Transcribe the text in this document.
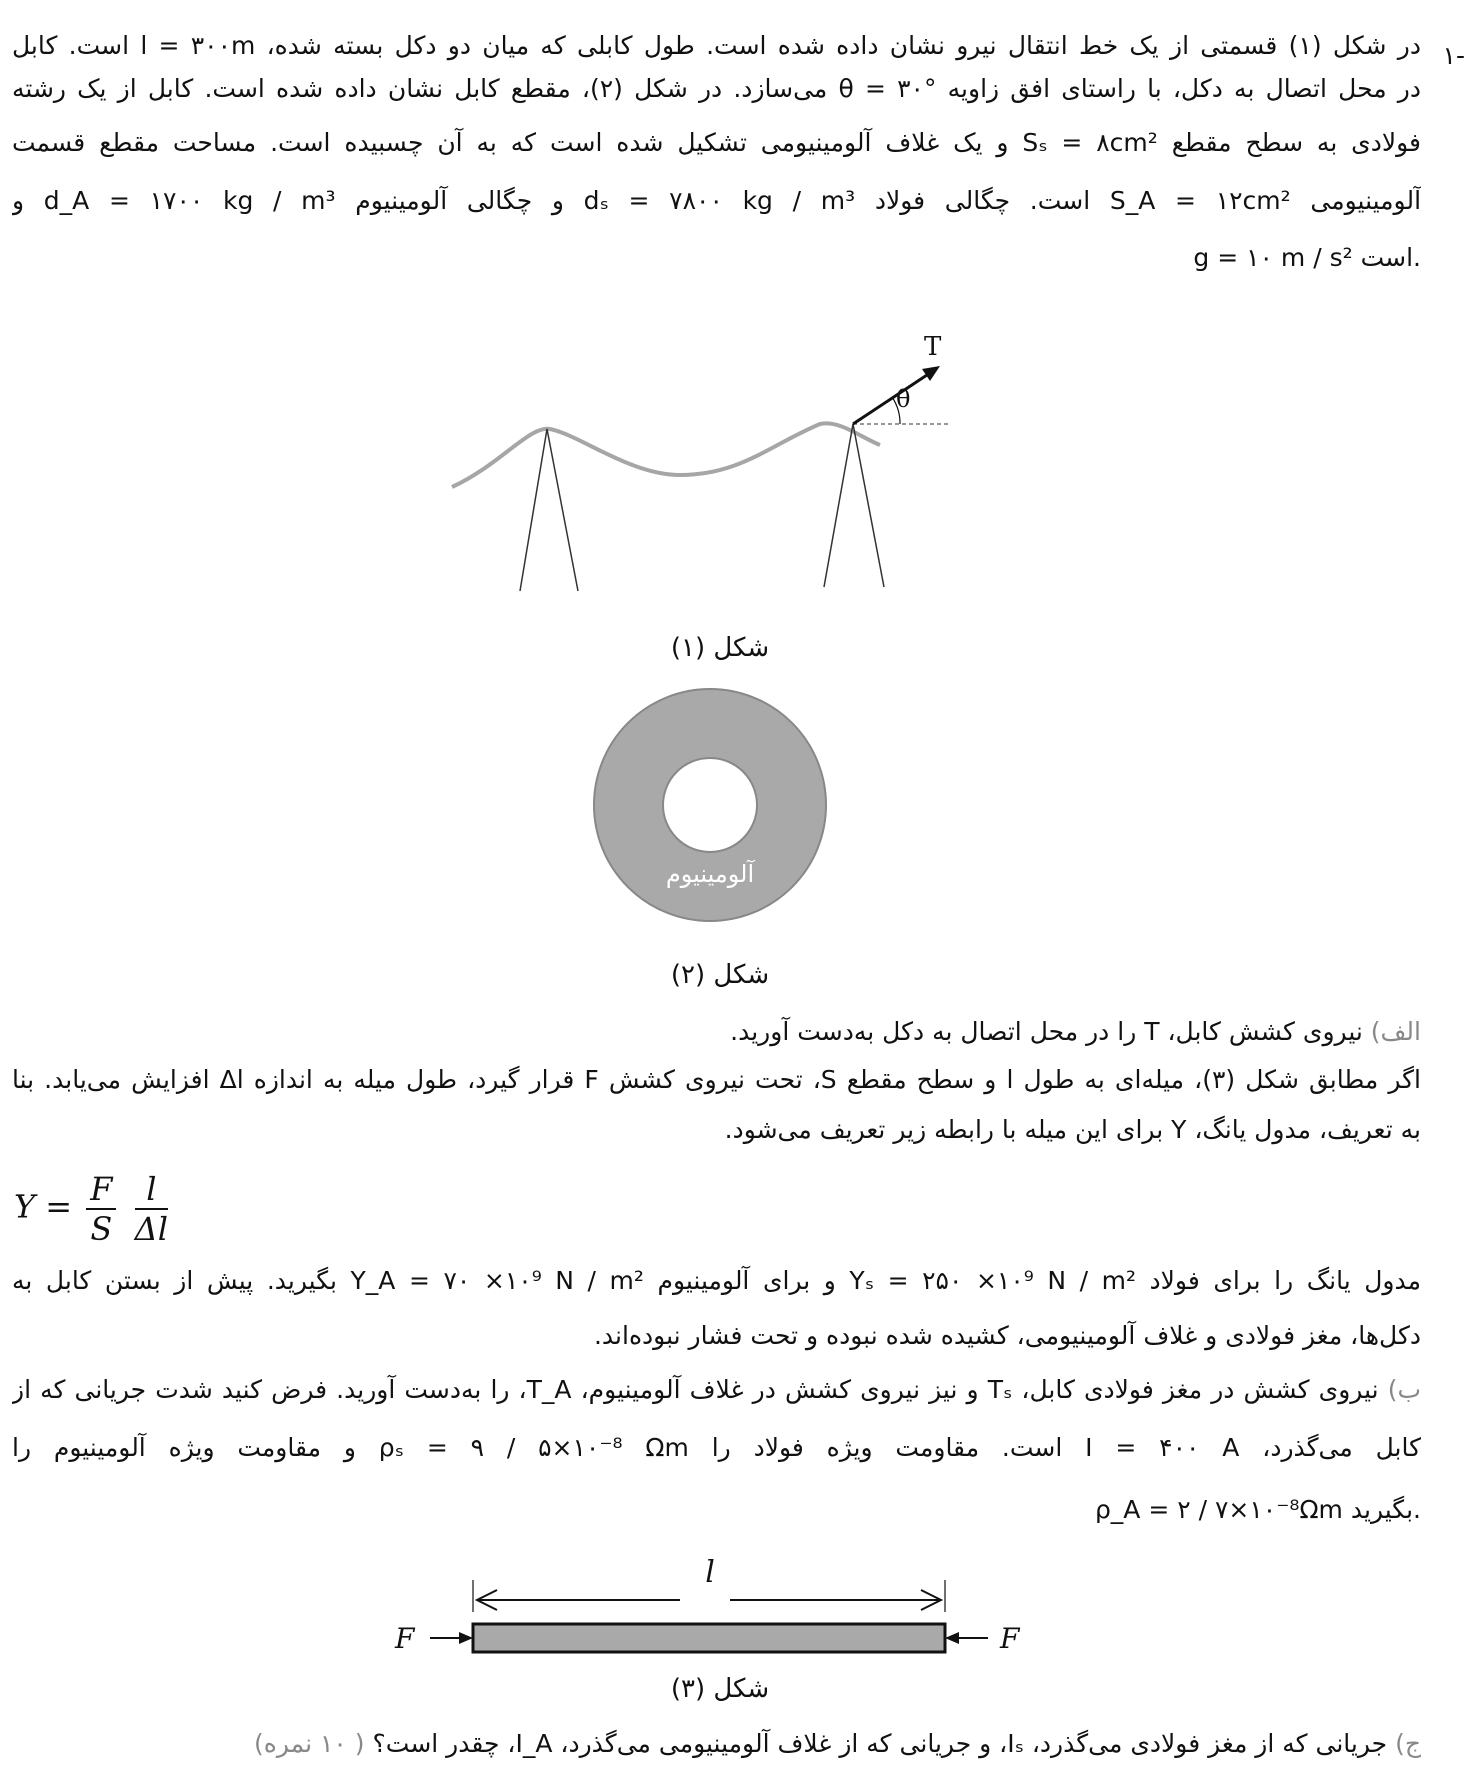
۱-
در شکل (۱) قسمتی از یک خط انتقال نیرو نشان داده شده است. طول کابلی که میان دو دکل بسته شده، l = ۳۰۰m است. کابل
در محل اتصال به دکل، با راستای افق زاویه θ = ۳۰° می‌سازد. در شکل (۲)، مقطع کابل نشان داده شده است. کابل از یک رشته
فولادی به سطح مقطع Sₛ = ۸cm² و یک غلاف آلومینیومی تشکیل شده است که به آن چسبیده است. مساحت مقطع قسمت
آلومینیومی S_A = ۱۲cm² است. چگالی فولاد dₛ = ۷۸۰۰ kg / m³ و چگالی آلومینیوم d_A = ۱۷۰۰ kg / m³ و
g = ۱۰ m / s² است.
T
θ
شکل (۱)
آلومینیوم
شکل (۲)
الف) نیروی کشش کابل، T را در محل اتصال به دکل به‌دست آورید.
اگر مطابق شکل (۳)، میله‌ای به طول l و سطح مقطع S، تحت نیروی کشش F قرار گیرد، طول میله به اندازه Δl افزایش می‌یابد. بنا
به تعریف، مدول یانگ، Y برای این میله با رابطه زیر تعریف می‌شود.
$Y = \frac{F}{S}$
$\frac{l}{\Delta l}$
مدول یانگ را برای فولاد Yₛ = ۲۵۰ ×۱۰⁹ N / m² و برای آلومینیوم Y_A = ۷۰ ×۱۰⁹ N / m² بگیرید. پیش از بستن کابل به
دکل‌ها، مغز فولادی و غلاف آلومینیومی، کشیده شده نبوده و تحت فشار نبوده‌اند.
ب) نیروی کشش در مغز فولادی کابل، Tₛ و نیز نیروی کشش در غلاف آلومینیوم، T_A، را به‌دست آورید. فرض کنید شدت جریانی که از
کابل می‌گذرد، I = ۴۰۰ A است. مقاومت ویژه فولاد را ρₛ = ۹ / ۵×۱۰⁻⁸ Ωm و مقاومت ویژه آلومینیوم را
ρ_A = ۲ / ۷×۱۰⁻⁸Ωm بگیرید.
l
F	F
شکل (۳)
ج) جریانی که از مغز فولادی می‌گذرد، Iₛ، و جریانی که از غلاف آلومینیومی می‌گذرد، I_A، چقدر است؟ ( ۱۰ نمره)
